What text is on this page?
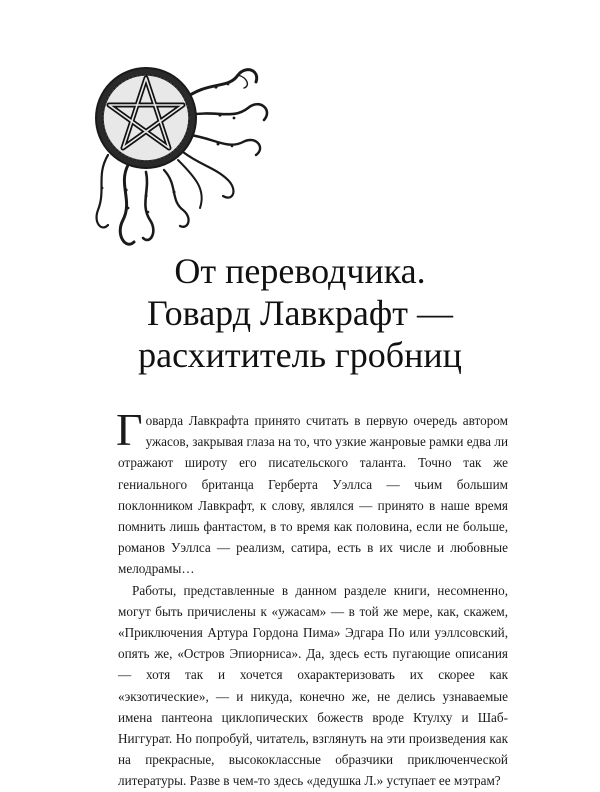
От переводчика.
Говард Лавкрафт —
расхититель гробниц

Говарда Лавкрафта принято считать в первую очередь автором ужасов, закрывая глаза на то, что узкие жанровые рамки едва ли отражают широту его писательского таланта. Точно так же гениального британца Герберта Уэллса — чьим большим поклонником Лавкрафт, к слову, являлся — принято в наше время помнить лишь фантастом, в то время как половина, если не больше, романов Уэллса — реализм, сатира, есть в их числе и любовные мелодрамы…

Работы, представленные в данном разделе книги, несомненно, могут быть причислены к «ужасам» — в той же мере, как, скажем, «Приключения Артура Гордона Пима» Эдгара По или уэллсовский, опять же, «Остров Эпиорниса». Да, здесь есть пугающие описания — хотя так и хочется охарактеризовать их скорее как «экзотические», — и никуда, конечно же, не делись узнаваемые имена пантеона циклопических божеств вроде Ктулху и Шаб-Ниггурат. Но попробуй, читатель, взглянуть на эти произведения как на прекрасные, высококлассные образчики приключенческой литературы. Разве в чем-то здесь «дедушка Л.» уступает ее мэтрам?
